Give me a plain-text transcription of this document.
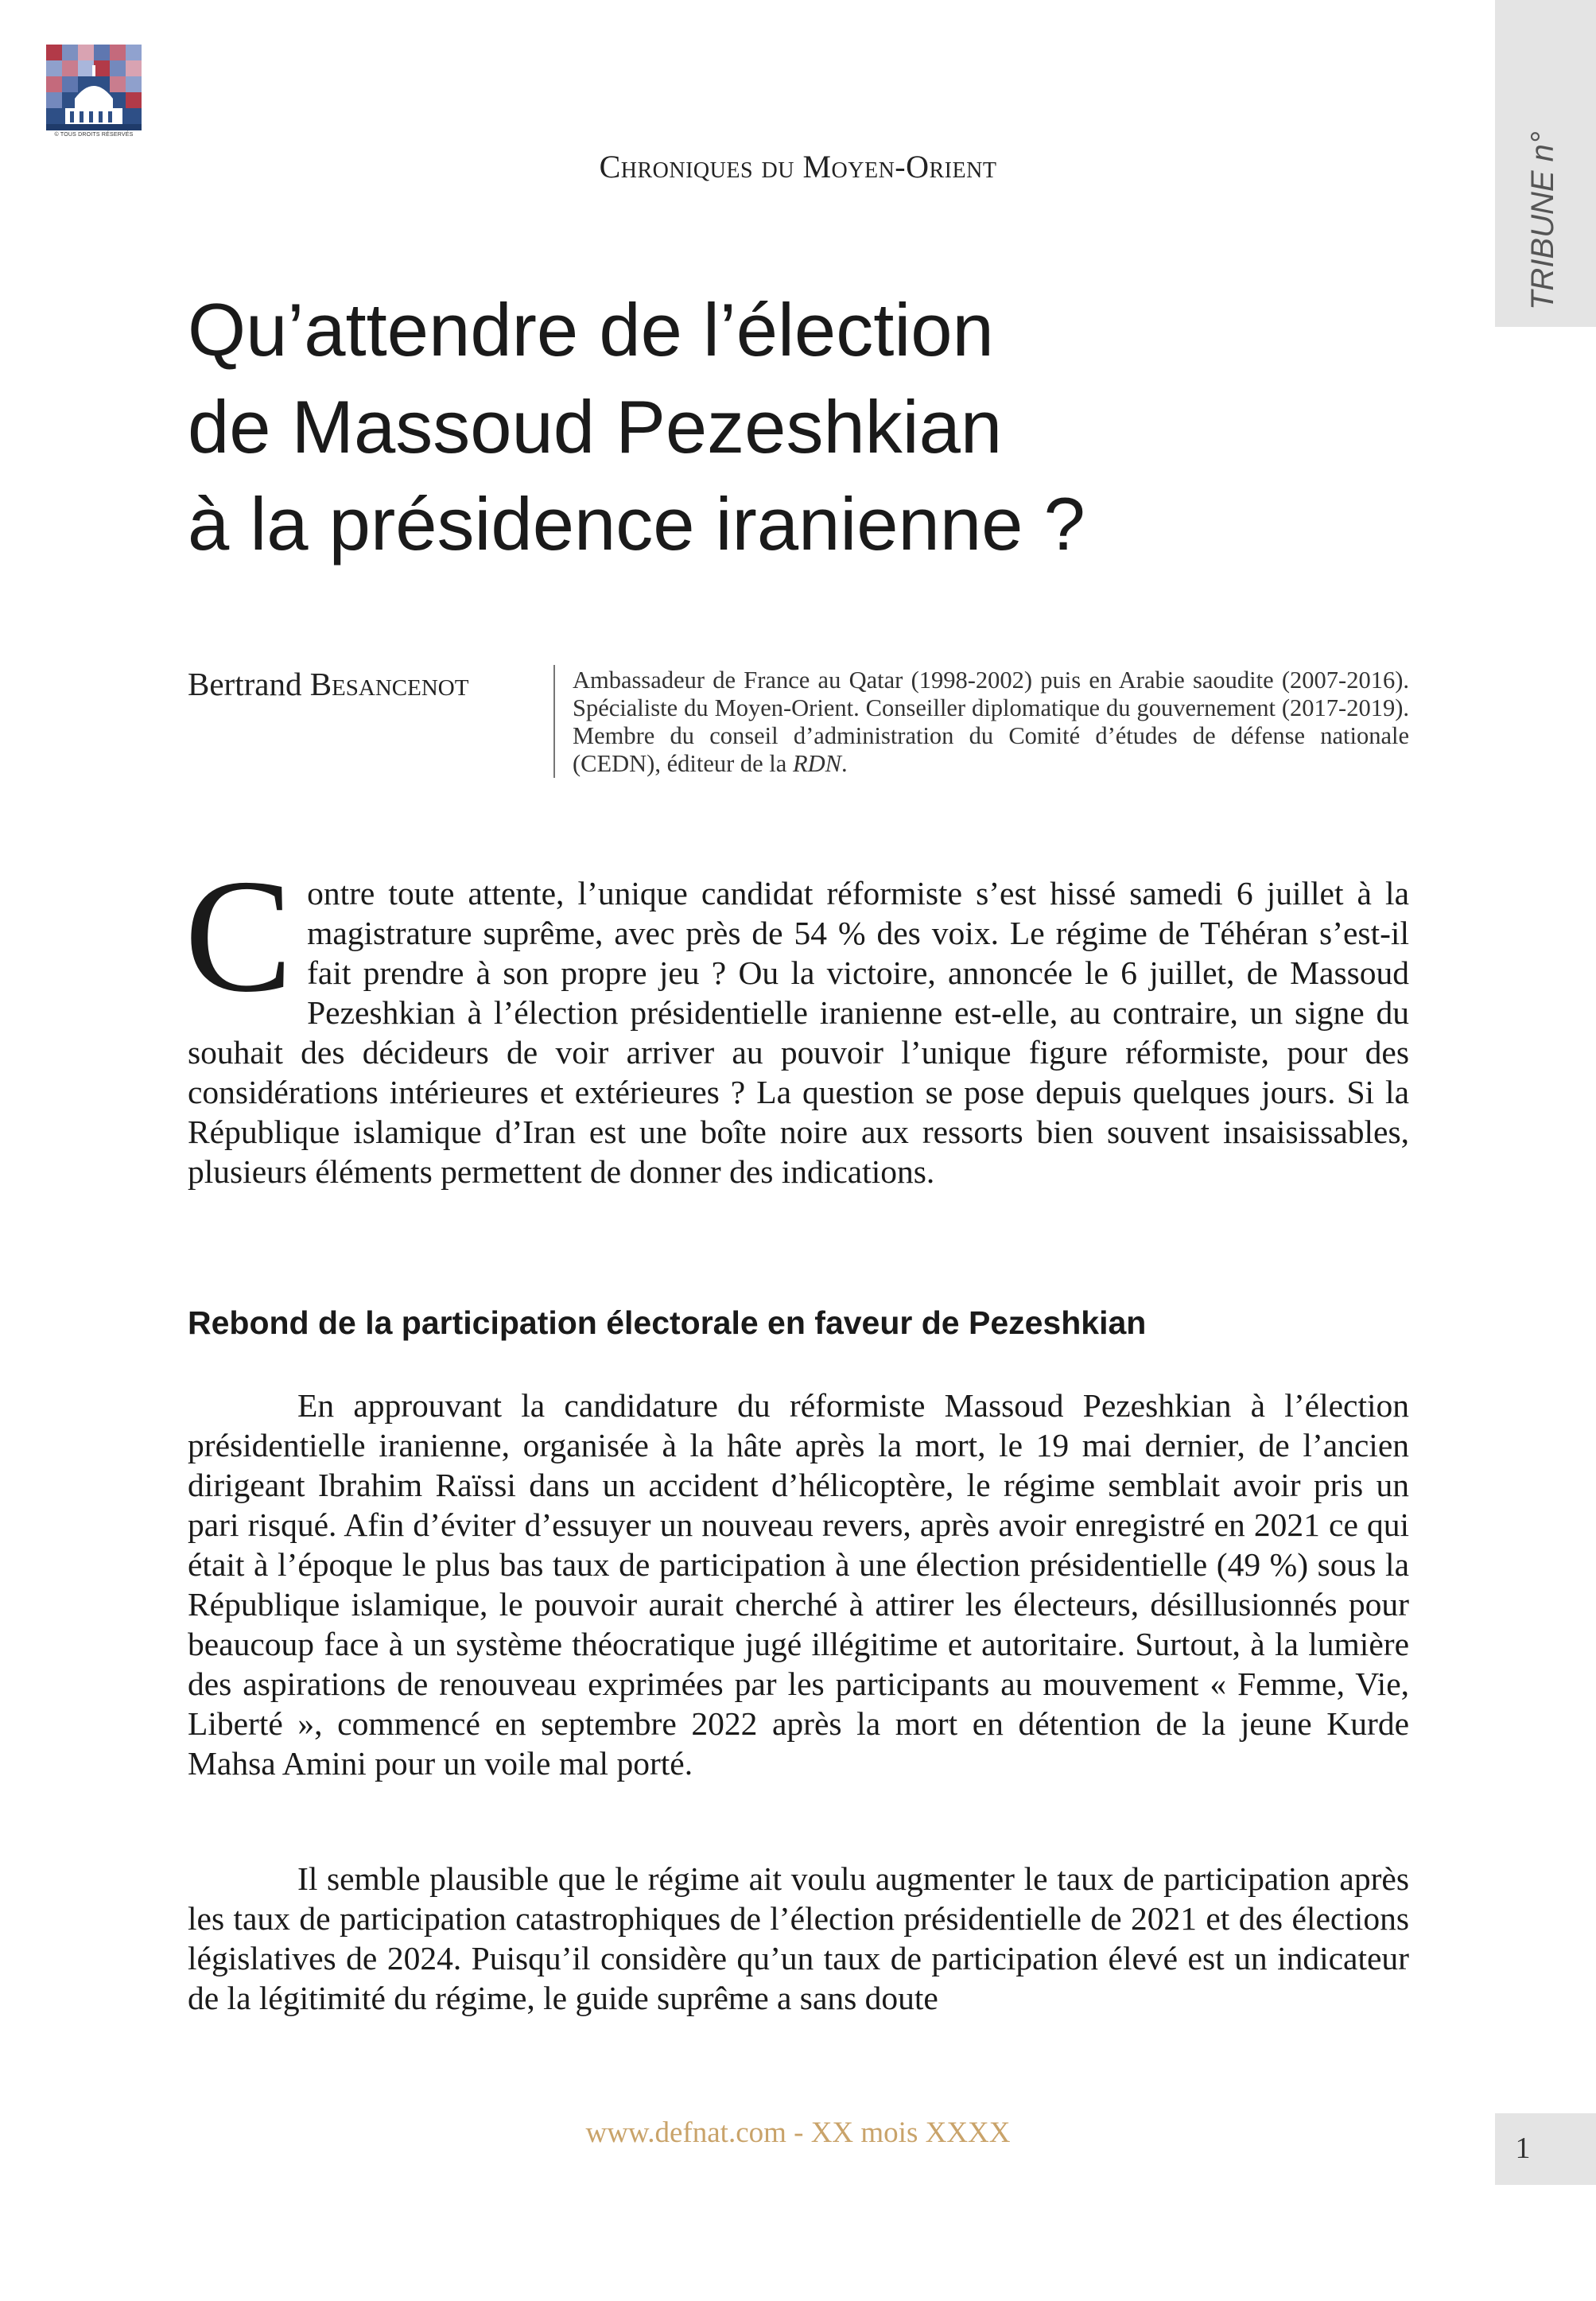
© TOUS DROITS RÉSERVÉS	TRIBUNE n°
Chroniques du Moyen-Orient
Qu’attendre de l’élection
de Massoud Pezeshkian
à la présidence iranienne ?
Bertrand Besancenot	Ambassadeur de France au Qatar (1998-2002) puis en Arabie saoudite (2007-2016). Spécialiste du Moyen-Orient. Conseiller diplomatique du gouvernement (2017-2019). Membre du conseil d’administration du Comité d’études de défense nationale (CEDN), éditeur de la RDN.
Contre toute attente, l’unique candidat réformiste s’est hissé samedi 6 juillet à la magistrature suprême, avec près de 54 % des voix. Le régime de Téhéran s’est-il fait prendre à son propre jeu ? Ou la victoire, annoncée le 6 juillet, de Massoud Pezeshkian à l’élection présidentielle iranienne est-elle, au contraire, un signe du souhait des décideurs de voir arriver au pouvoir l’unique figure réformiste, pour des considérations intérieures et extérieures ? La question se pose depuis quelques jours. Si la République islamique d’Iran est une boîte noire aux ressorts bien souvent insaisissables, plusieurs éléments permettent de donner des indications.
Rebond de la participation électorale en faveur de Pezeshkian

En approuvant la candidature du réformiste Massoud Pezeshkian à l’élection présidentielle iranienne, organisée à la hâte après la mort, le 19 mai dernier, de l’ancien dirigeant Ibrahim Raïssi dans un accident d’hélicoptère, le régime semblait avoir pris un pari risqué. Afin d’éviter d’essuyer un nouveau revers, après avoir enregistré en 2021 ce qui était à l’époque le plus bas taux de participation à une élection présidentielle (49 %) sous la République islamique, le pouvoir aurait cherché à attirer les électeurs, désillusionnés pour beaucoup face à un système théocratique jugé illégitime et autoritaire. Surtout, à la lumière des aspirations de renouveau exprimées par les participants au mouvement « Femme, Vie, Liberté », commencé en septembre 2022 après la mort en détention de la jeune Kurde Mahsa Amini pour un voile mal porté.

Il semble plausible que le régime ait voulu augmenter le taux de participation après les taux de participation catastrophiques de l’élection présidentielle de 2021 et des élections législatives de 2024. Puisqu’il considère qu’un taux de participation élevé est un indicateur de la légitimité du régime, le guide suprême a sans doute

www.defnat.com - XX mois XXXX	1
